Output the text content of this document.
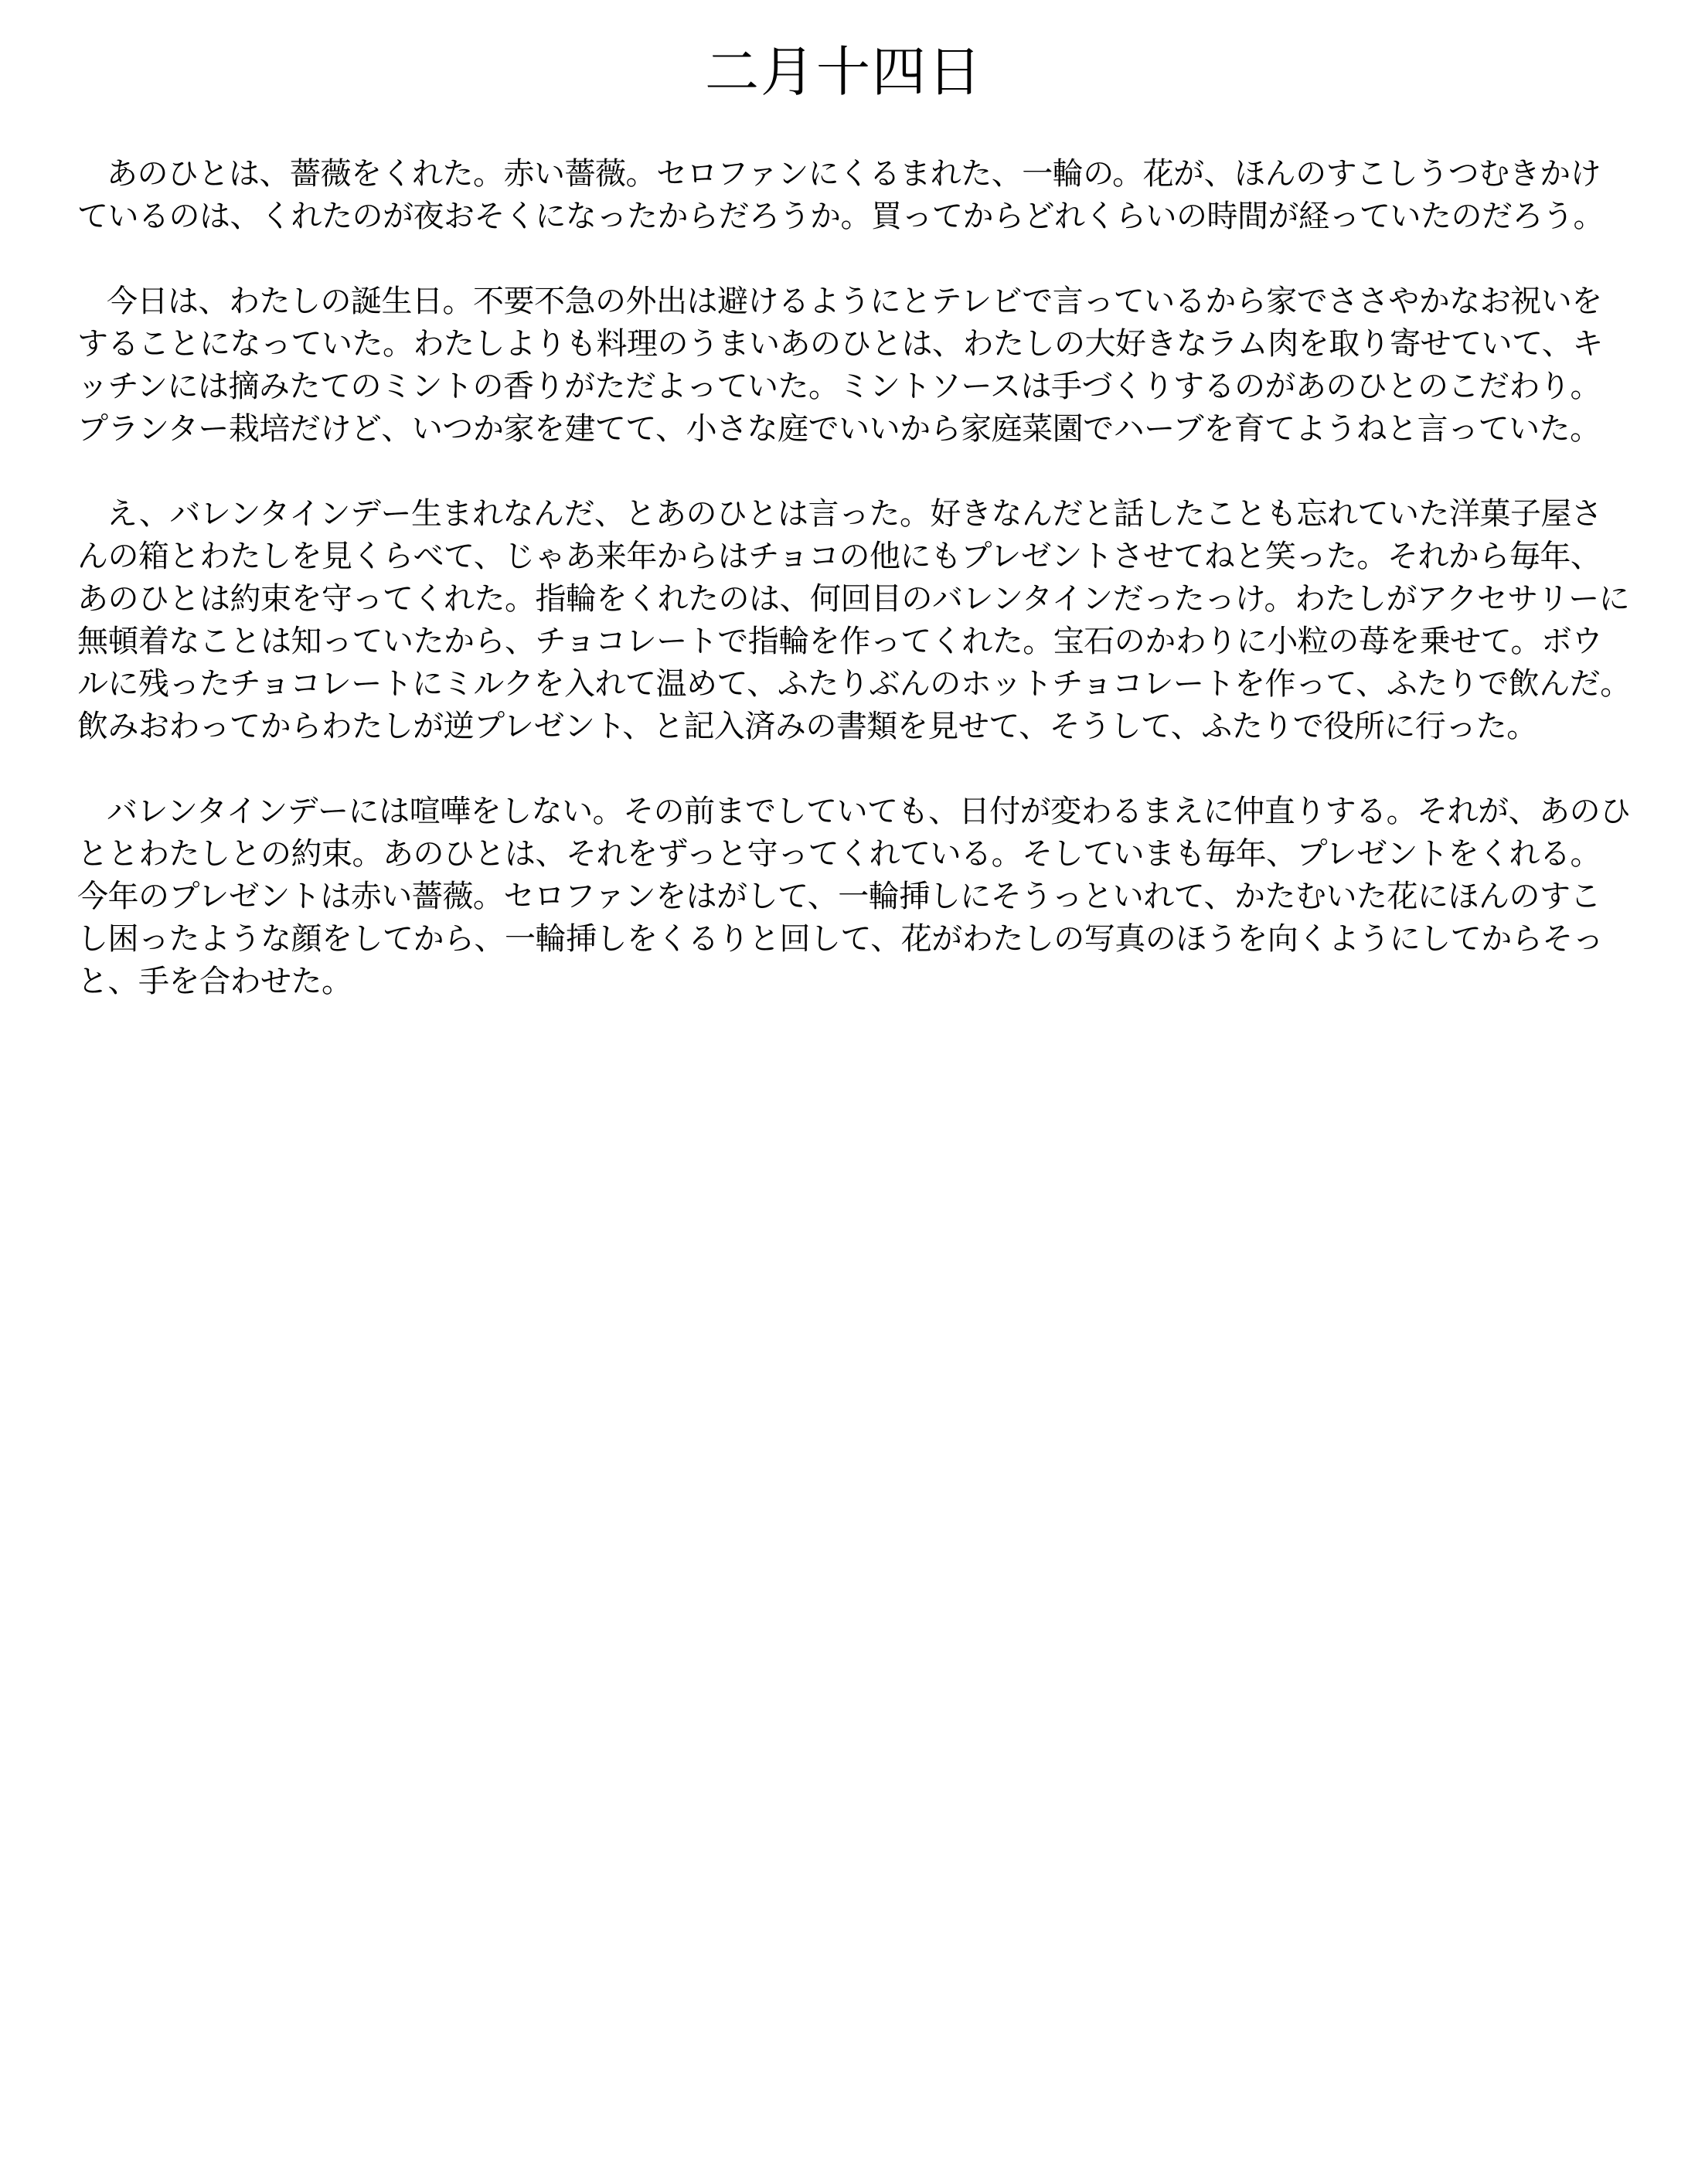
二月十四日

あのひとは、薔薇をくれた。赤い薔薇。セロファンにくるまれた、一輪の。花が、ほんのすこしうつむきかけているのは、くれたのが夜おそくになったからだろうか。買ってからどれくらいの時間が経っていたのだろう。

今日は、わたしの誕生日。不要不急の外出は避けるようにとテレビで言っているから家でささやかなお祝いをすることになっていた。わたしよりも料理のうまいあのひとは、わたしの大好きなラム肉を取り寄せていて、キッチンには摘みたてのミントの香りがただよっていた。ミントソースは手づくりするのがあのひとのこだわり。プランター栽培だけど、いつか家を建てて、小さな庭でいいから家庭菜園でハーブを育てようねと言っていた。

え、バレンタインデー生まれなんだ、とあのひとは言った。好きなんだと話したことも忘れていた洋菓子屋さんの箱とわたしを見くらべて、じゃあ来年からはチョコの他にもプレゼントさせてねと笑った。それから毎年、あのひとは約束を守ってくれた。指輪をくれたのは、何回目のバレンタインだったっけ。わたしがアクセサリーに無頓着なことは知っていたから、チョコレートで指輪を作ってくれた。宝石のかわりに小粒の苺を乗せて。ボウルに残ったチョコレートにミルクを入れて温めて、ふたりぶんのホットチョコレートを作って、ふたりで飲んだ。飲みおわってからわたしが逆プレゼント、と記入済みの書類を見せて、そうして、ふたりで役所に行った。

バレンタインデーには喧嘩をしない。その前までしていても、日付が変わるまえに仲直りする。それが、あのひととわたしとの約束。あのひとは、それをずっと守ってくれている。そしていまも毎年、プレゼントをくれる。今年のプレゼントは赤い薔薇。セロファンをはがして、一輪挿しにそうっといれて、かたむいた花にほんのすこし困ったような顔をしてから、一輪挿しをくるりと回して、花がわたしの写真のほうを向くようにしてからそっと、手を合わせた。
